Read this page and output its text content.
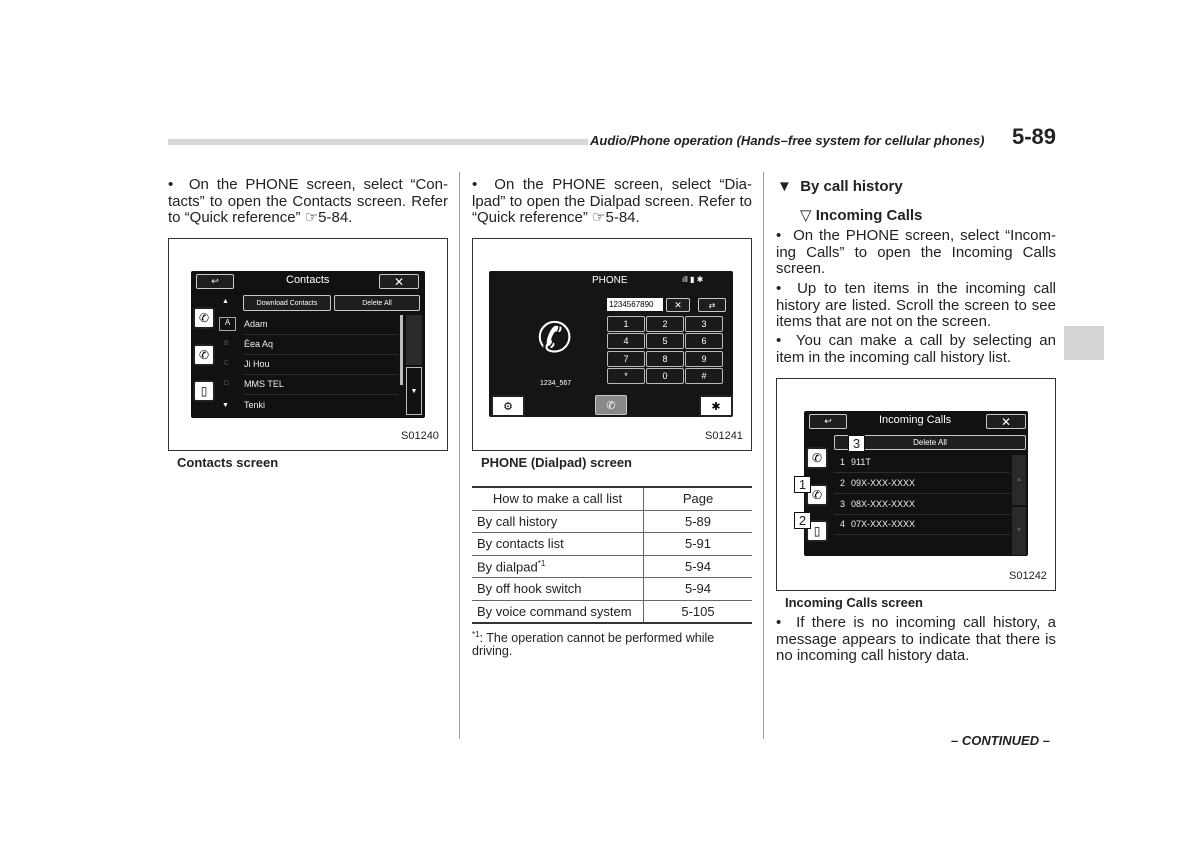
Audio/Phone operation (Hands–free system for cellular phones) 5-89
•  On the PHONE screen, select “Con-tacts” to open the Contacts screen. Refer to “Quick reference” ☞5-84.
↩	Contacts	✕
✆
✆
▯
Download Contacts	Delete All
▲
▼
A
B
C
D
Adam
Èea Aq
Ji Hou
MMS TEL
Tenki
▼
S01240
Contacts screen
•  On the PHONE screen, select “Dia-lpad” to open the Dialpad screen. Refer to “Quick reference” ☞5-84.
PHONE	ıll ▮ ✱
1234567890	✕	⇄
✆
1234_567
1	2	3
4	5	6
7	8	9
*	0	#
⚙	✆	✱
S01241
PHONE (Dialpad) screen
How to make a call list	Page
By call history	5-89
By contacts list	5-91
By dialpad$^{*1}$	5-94
By off hook switch	5-94
By voice command system	5-105
$^{*1}$: The operation cannot be performed while driving.
▼  By call history
▽ Incoming Calls
•  On the PHONE screen, select “Incom-ing Calls” to open the Incoming Calls screen.
•  Up to ten items in the incoming call history are listed. Scroll the screen to see items that are not on the screen.
•  You can make a call by selecting an item in the incoming call history list.
↩	Incoming Calls	✕
✆
✆
▯
Delete All
1 911T
2 09X-XXX-XXXX
3 08X-XXX-XXXX
4 07X-XXX-XXXX
▲
▼
3
1
2
S01242
Incoming Calls screen
•  If there is no incoming call history, a message appears to indicate that there is no incoming call history data.
– CONTINUED –
